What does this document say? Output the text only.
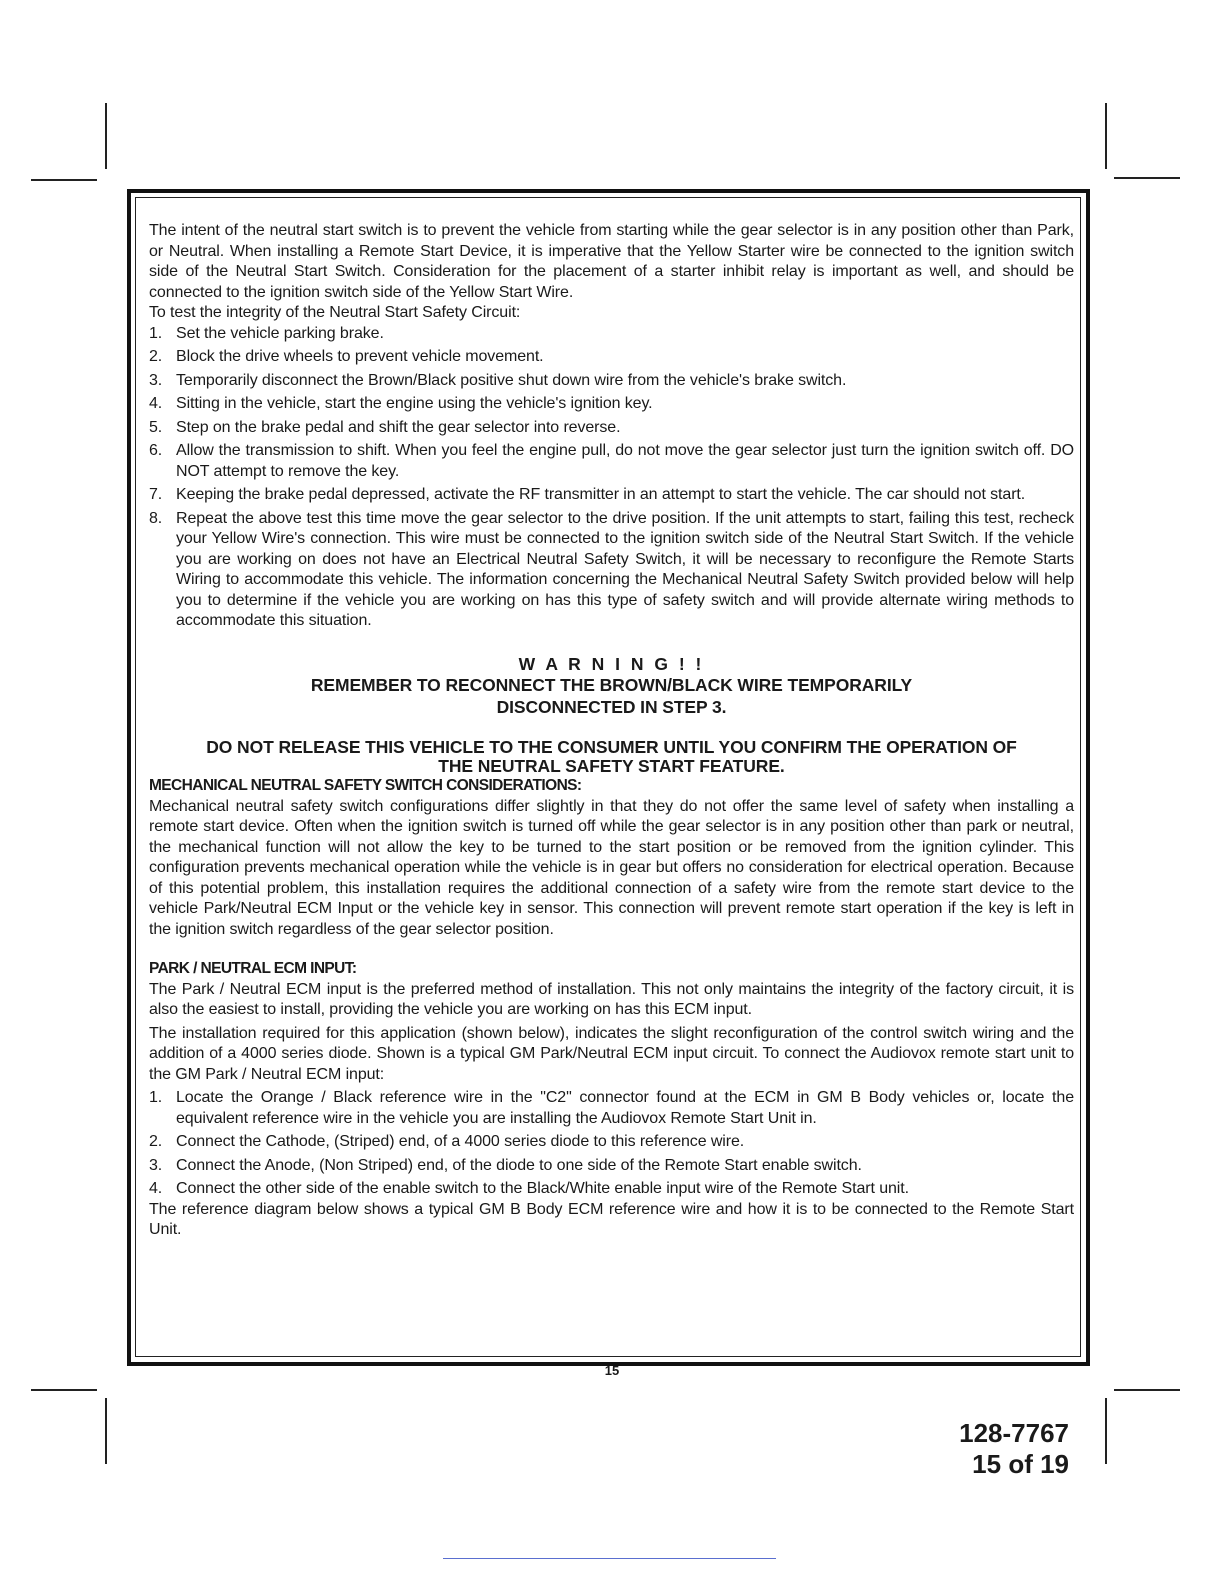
The intent of the neutral start switch is to prevent the vehicle from starting while the gear selector is in any position other than Park, or Neutral. When installing a Remote Start Device, it is imperative that the Yellow Starter wire be connected to the ignition switch side of the Neutral Start Switch. Consideration for the placement of a starter inhibit relay is important as well, and should be connected to the ignition switch side of the Yellow Start Wire.

To test the integrity of the Neutral Start Safety Circuit:

1. Set the vehicle parking brake.
2. Block the drive wheels to prevent vehicle movement.
3. Temporarily disconnect the Brown/Black positive shut down wire from the vehicle's brake switch.
4. Sitting in the vehicle, start the engine using the vehicle's ignition key.
5. Step on the brake pedal and shift the gear selector into reverse.
6. Allow the transmission to shift. When you feel the engine pull, do not move the gear selector just turn the ignition switch off. DO NOT attempt to remove the key.
7. Keeping the brake pedal depressed, activate the RF transmitter in an attempt to start the vehicle. The car should not start.
8. Repeat the above test this time move the gear selector to the drive position. If the unit attempts to start, failing this test, recheck your Yellow Wire's connection. This wire must be connected to the ignition switch side of the Neutral Start Switch. If the vehicle you are working on does not have an Electrical Neutral Safety Switch, it will be necessary to reconfigure the Remote Starts Wiring to accommodate this vehicle. The information concerning the Mechanical Neutral Safety Switch provided below will help you to determine if the vehicle you are working on has this type of safety switch and will provide alternate wiring methods to accommodate this situation.
W A R N I N G ! !
REMEMBER TO RECONNECT THE BROWN/BLACK WIRE TEMPORARILY
DISCONNECTED IN STEP 3.
DO NOT RELEASE THIS VEHICLE TO THE CONSUMER UNTIL YOU CONFIRM THE OPERATION OF
THE NEUTRAL SAFETY START FEATURE.

MECHANICAL NEUTRAL SAFETY SWITCH CONSIDERATIONS:

Mechanical neutral safety switch configurations differ slightly in that they do not offer the same level of safety when installing a remote start device. Often when the ignition switch is turned off while the gear selector is in any position other than park or neutral, the mechanical function will not allow the key to be turned to the start position or be removed from the ignition cylinder. This configuration prevents mechanical operation while the vehicle is in gear but offers no consideration for electrical operation. Because of this potential problem, this installation requires the additional connection of a safety wire from the remote start device to the vehicle Park/Neutral ECM Input or the vehicle key in sensor. This connection will prevent remote start operation if the key is left in the ignition switch regardless of the gear selector position.

PARK / NEUTRAL ECM INPUT:

The Park / Neutral ECM input is the preferred method of installation. This not only maintains the integrity of the factory circuit, it is also the easiest to install, providing the vehicle you are working on has this ECM input.

The installation required for this application (shown below), indicates the slight reconfiguration of the control switch wiring and the addition of a 4000 series diode. Shown is a typical GM Park/Neutral ECM input circuit. To connect the Audiovox remote start unit to the GM Park / Neutral ECM input:

1. Locate the Orange / Black reference wire in the "C2" connector found at the ECM in GM B Body vehicles or, locate the equivalent reference wire in the vehicle you are installing the Audiovox Remote Start Unit in.
2. Connect the Cathode, (Striped) end, of a 4000 series diode to this reference wire.
3. Connect the Anode, (Non Striped) end, of the diode to one side of the Remote Start enable switch.
4. Connect the other side of the enable switch to the Black/White enable input wire of the Remote Start unit.

The reference diagram below shows a typical GM B Body ECM reference wire and how it is to be connected to the Remote Start Unit.

15
128-7767
15 of 19
